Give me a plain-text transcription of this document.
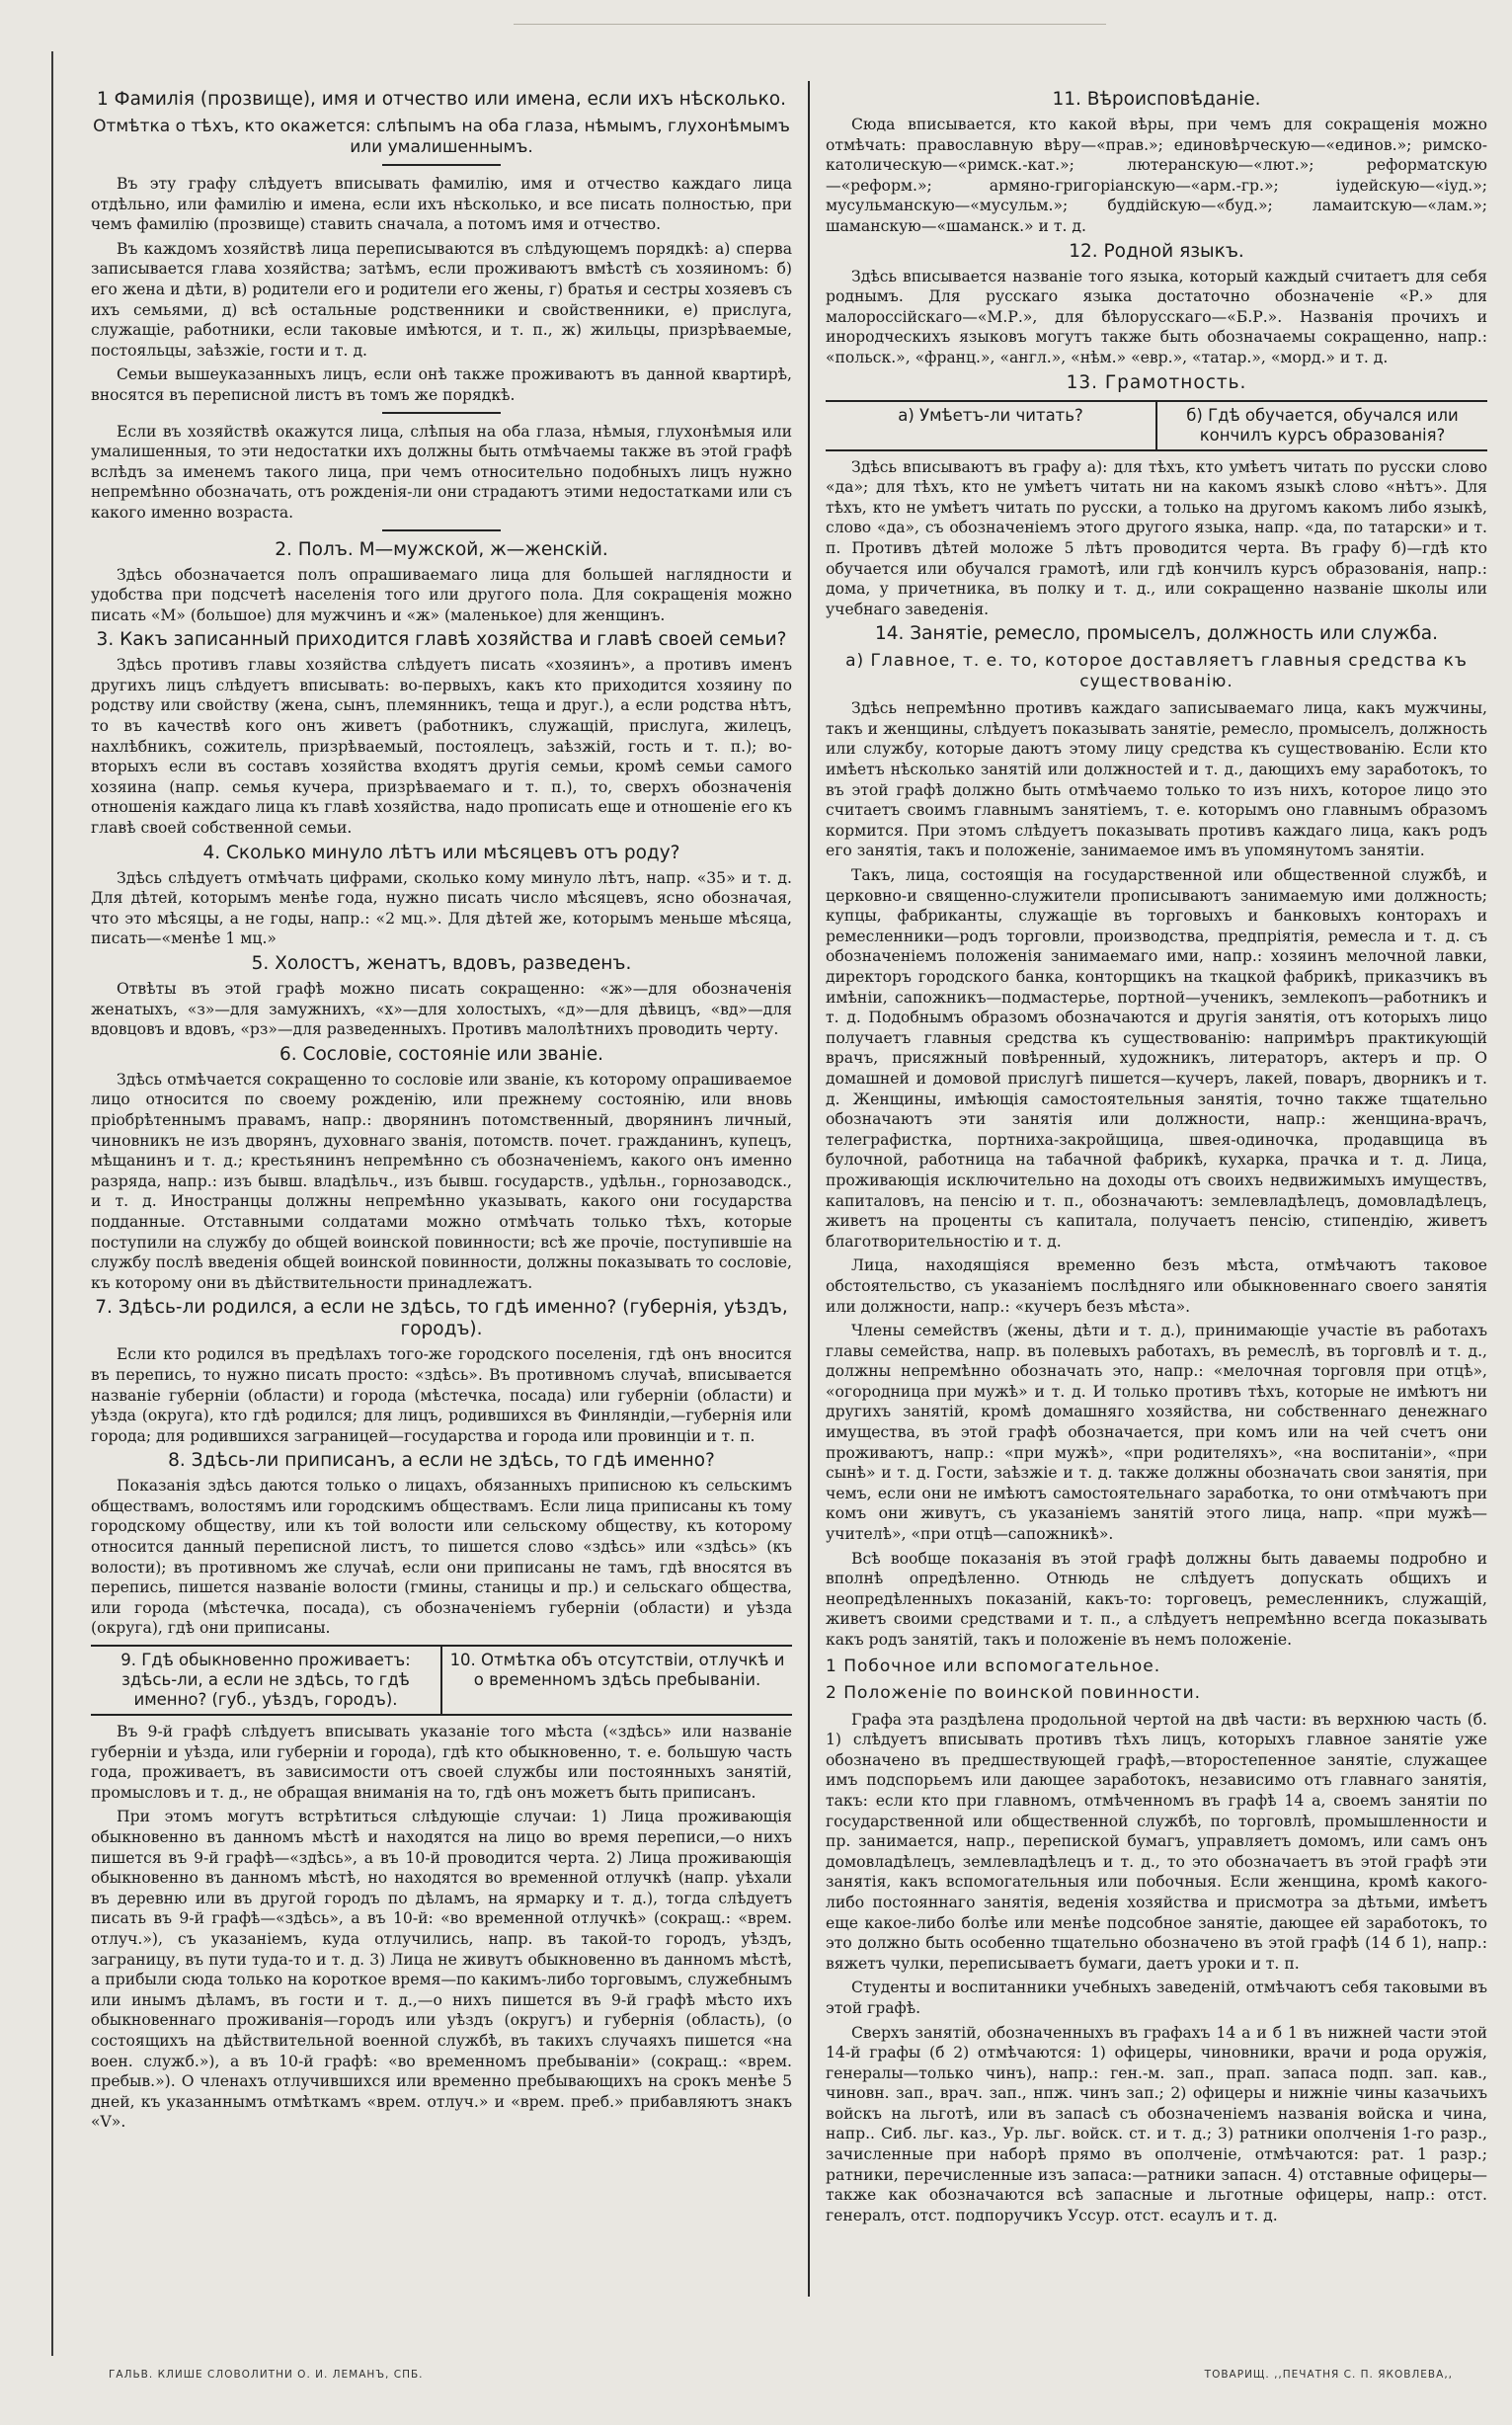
1 Фамилія (прозвище), имя и отчество или имена, если ихъ нѣсколько.
Отмѣтка о тѣхъ, кто окажется: слѣпымъ на оба глаза, нѣмымъ, глухонѣмымъ или умалишеннымъ.

Въ эту графу слѣдуетъ вписывать фамилію, имя и отчество каждаго лица отдѣльно, или фамилію и имена, если ихъ нѣсколько, и все писать полностью, при чемъ фамилію (прозвище) ставить сначала, а потомъ имя и отчество.

Въ каждомъ хозяйствѣ лица переписываются въ слѣдующемъ порядкѣ: а) сперва записывается глава хозяйства; затѣмъ, если проживаютъ вмѣстѣ съ хозяиномъ: б) его жена и дѣти, в) родители его и родители его жены, г) братья и сестры хозяевъ съ ихъ семьями, д) всѣ остальные родственники и свойственники, е) прислуга, служащіе, работники, если таковые имѣются, и т. п., ж) жильцы, призрѣваемые, постояльцы, заѣзжіе, гости и т. д.

Семьи вышеуказанныхъ лицъ, если онѣ также проживаютъ въ данной квартирѣ, вносятся въ переписной листъ въ томъ же порядкѣ.

Если въ хозяйствѣ окажутся лица, слѣпыя на оба глаза, нѣмыя, глухонѣмыя или умалишенныя, то эти недостатки ихъ должны быть отмѣчаемы также въ этой графѣ вслѣдъ за именемъ такого лица, при чемъ относительно подобныхъ лицъ нужно непремѣнно обозначать, отъ рожденія-ли они страдаютъ этими недостатками или съ какого именно возраста.

2. Полъ. М—мужской, ж—женскій.

Здѣсь обозначается полъ опрашиваемаго лица для большей наглядности и удобства при подсчетѣ населенія того или другого пола. Для сокращенія можно писать «М» (большое) для мужчинъ и «ж» (маленькое) для женщинъ.

3. Какъ записанный приходится главѣ хозяйства и главѣ своей семьи?

Здѣсь противъ главы хозяйства слѣдуетъ писать «хозяинъ», а противъ именъ другихъ лицъ слѣдуетъ вписывать: во-первыхъ, какъ кто приходится хозяину по родству или свойству (жена, сынъ, племянникъ, теща и друг.), а если родства нѣтъ, то въ качествѣ кого онъ живетъ (работникъ, служащій, прислуга, жилецъ, нахлѣбникъ, сожитель, призрѣваемый, постоялецъ, заѣзжій, гость и т. п.); во-вторыхъ если въ составъ хозяйства входятъ другія семьи, кромѣ семьи самого хозяина (напр. семья кучера, призрѣваемаго и т. п.), то, сверхъ обозначенія отношенія каждаго лица къ главѣ хозяйства, надо прописать еще и отношеніе его къ главѣ своей собственной семьи.

4. Сколько минуло лѣтъ или мѣсяцевъ отъ роду?

Здѣсь слѣдуетъ отмѣчать цифрами, сколько кому минуло лѣтъ, напр. «35» и т. д. Для дѣтей, которымъ менѣе года, нужно писать число мѣсяцевъ, ясно обозначая, что это мѣсяцы, а не годы, напр.: «2 мц.». Для дѣтей же, которымъ меньше мѣсяца, писать—«менѣе 1 мц.»

5. Холостъ, женатъ, вдовъ, разведенъ.

Отвѣты въ этой графѣ можно писать сокращенно: «ж»—для обозначенія женатыхъ, «з»—для замужнихъ, «х»—для холостыхъ, «д»—для дѣвицъ, «вд»—для вдовцовъ и вдовъ, «рз»—для разведенныхъ. Противъ малолѣтнихъ проводить черту.

6. Сословіе, состояніе или званіе.

Здѣсь отмѣчается сокращенно то сословіе или званіе, къ которому опрашиваемое лицо относится по своему рожденію, или прежнему состоянію, или вновь пріобрѣтеннымъ правамъ, напр.: дворянинъ потомственный, дворянинъ личный, чиновникъ не изъ дворянъ, духовнаго званія, потомств. почет. гражданинъ, купецъ, мѣщанинъ и т. д.; крестьянинъ непремѣнно съ обозначеніемъ, какого онъ именно разряда, напр.: изъ бывш. владѣльч., изъ бывш. государств., удѣльн., горнозаводск., и т. д. Иностранцы должны непремѣнно указывать, какого они государства подданные. Отставными солдатами можно отмѣчать только тѣхъ, которые поступили на службу до общей воинской повинности; всѣ же прочіе, поступившіе на службу послѣ введенія общей воинской повинности, должны показывать то сословіе, къ которому они въ дѣйствительности принадлежатъ.

7. Здѣсь-ли родился, а если не здѣсь, то гдѣ именно? (губернія, уѣздъ, городъ).

Если кто родился въ предѣлахъ того-же городского поселенія, гдѣ онъ вносится въ перепись, то нужно писать просто: «здѣсь». Въ противномъ случаѣ, вписывается названіе губерніи (области) и города (мѣстечка, посада) или губерніи (области) и уѣзда (округа), кто гдѣ родился; для лицъ, родившихся въ Финляндіи,—губернія или города; для родившихся заграницей—государства и города или провинціи и т. п.

8. Здѣсь-ли приписанъ, а если не здѣсь, то гдѣ именно?

Показанія здѣсь даются только о лицахъ, обязанныхъ приписною къ сельскимъ обществамъ, волостямъ или городскимъ обществамъ. Если лица приписаны къ тому городскому обществу, или къ той волости или сельскому обществу, къ которому относится данный переписной листъ, то пишется слово «здѣсь» или «здѣсь» (къ волости); въ противномъ же случаѣ, если они приписаны не тамъ, гдѣ вносятся въ перепись, пишется названіе волости (гмины, станицы и пр.) и сельскаго общества, или города (мѣстечка, посада), съ обозначеніемъ губерніи (области) и уѣзда (округа), гдѣ они приписаны.

9. Гдѣ обыкновенно проживаетъ: здѣсь-ли, а если не здѣсь, то гдѣ именно? (губ., уѣздъ, городъ).
10. Отмѣтка объ отсутствіи, отлучкѣ и о временномъ здѣсь пребываніи.

Въ 9-й графѣ слѣдуетъ вписывать указаніе того мѣста («здѣсь» или названіе губерніи и уѣзда, или губерніи и города), гдѣ кто обыкновенно, т. е. большую часть года, проживаетъ, въ зависимости отъ своей службы или постоянныхъ занятій, промысловъ и т. д., не обращая вниманія на то, гдѣ онъ можетъ быть приписанъ.

При этомъ могутъ встрѣтиться слѣдующіе случаи: 1) Лица проживающія обыкновенно въ данномъ мѣстѣ и находятся на лицо во время переписи,—о нихъ пишется въ 9-й графѣ—«здѣсь», а въ 10-й проводится черта. 2) Лица проживающія обыкновенно въ данномъ мѣстѣ, но находятся во временной отлучкѣ (напр. уѣхали въ деревню или въ другой городъ по дѣламъ, на ярмарку и т. д.), тогда слѣдуетъ писать въ 9-й графѣ—«здѣсь», а въ 10-й: «во временной отлучкѣ» (сокращ.: «врем. отлуч.»), съ указаніемъ, куда отлучились, напр. въ такой-то городъ, уѣздъ, заграницу, въ пути туда-то и т. д. 3) Лица не живутъ обыкновенно въ данномъ мѣстѣ, а прибыли сюда только на короткое время—по какимъ-либо торговымъ, служебнымъ или инымъ дѣламъ, въ гости и т. д.,—о нихъ пишется въ 9-й графѣ мѣсто ихъ обыкновеннаго проживанія—городъ или уѣздъ (округъ) и губернія (область), (о состоящихъ на дѣйствительной военной службѣ, въ такихъ случаяхъ пишется «на воен. служб.»), а въ 10-й графѣ: «во временномъ пребываніи» (сокращ.: «врем. пребыв.»). О членахъ отлучившихся или временно пребывающихъ на срокъ менѣе 5 дней, къ указаннымъ отмѣткамъ «врем. отлуч.» и «врем. преб.» прибавляютъ знакъ «V».

11. Вѣроисповѣданіе.

Сюда вписывается, кто какой вѣры, при чемъ для сокращенія можно отмѣчать: православную вѣру—«прав.»; единовѣрческую—«единов.»; римско-католическую—«римск.-кат.»; лютеранскую—«лют.»; реформатскую—«реформ.»; армяно-григоріанскую—«арм.-гр.»; іудейскую—«іуд.»; мусульманскую—«мусульм.»; буддійскую—«буд.»; ламаитскую—«лам.»; шаманскую—«шаманск.» и т. д.

12. Родной языкъ.

Здѣсь вписывается названіе того языка, который каждый считаетъ для себя роднымъ. Для русскаго языка достаточно обозначеніе «Р.» для малороссійскаго—«М.Р.», для бѣлорусскаго—«Б.Р.». Названія прочихъ и инородческихъ языковъ могутъ также быть обозначаемы сокращенно, напр.: «польск.», «франц.», «англ.», «нѣм.» «евр.», «татар.», «морд.» и т. д.

13. Грамотность.
а) Умѣетъ-ли читать?	б) Гдѣ обучается, обучался или кончилъ курсъ образованія?

Здѣсь вписываютъ въ графу а): для тѣхъ, кто умѣетъ читать по русски слово «да»; для тѣхъ, кто не умѣетъ читать ни на какомъ языкѣ слово «нѣтъ». Для тѣхъ, кто не умѣетъ читать по русски, а только на другомъ какомъ либо языкѣ, слово «да», съ обозначеніемъ этого другого языка, напр. «да, по татарски» и т. п. Противъ дѣтей моложе 5 лѣтъ проводится черта. Въ графу б)—гдѣ кто обучается или обучался грамотѣ, или гдѣ кончилъ курсъ образованія, напр.: дома, у причетника, въ полку и т. д., или сокращенно названіе школы или учебнаго заведенія.

14. Занятіе, ремесло, промыселъ, должность или служба.
а) Главное, т. е. то, которое доставляетъ главныя средства къ существованію.

Здѣсь непремѣнно противъ каждаго записываемаго лица, какъ мужчины, такъ и женщины, слѣдуетъ показывать занятіе, ремесло, промыселъ, должность или службу, которые даютъ этому лицу средства къ существованію. Если кто имѣетъ нѣсколько занятій или должностей и т. д., дающихъ ему заработокъ, то въ этой графѣ должно быть отмѣчаемо только то изъ нихъ, которое лицо это считаетъ своимъ главнымъ занятіемъ, т. е. которымъ оно главнымъ образомъ кормится. При этомъ слѣдуетъ показывать противъ каждаго лица, какъ родъ его занятія, такъ и положеніе, занимаемое имъ въ упомянутомъ занятіи.

Такъ, лица, состоящія на государственной или общественной службѣ, и церковно-и священно-служители прописываютъ занимаемую ими должность; купцы, фабриканты, служащіе въ торговыхъ и банковыхъ конторахъ и ремесленники—родъ торговли, производства, предпріятія, ремесла и т. д. съ обозначеніемъ положенія занимаемаго ими, напр.: хозяинъ мелочной лавки, директоръ городского банка, конторщикъ на ткацкой фабрикѣ, приказчикъ въ имѣніи, сапожникъ—подмастерье, портной—ученикъ, землекопъ—работникъ и т. д. Подобнымъ образомъ обозначаются и другія занятія, отъ которыхъ лицо получаетъ главныя средства къ существованію: напримѣръ практикующій врачъ, присяжный повѣренный, художникъ, литераторъ, актеръ и пр. О домашней и домовой прислугѣ пишется—кучеръ, лакей, поваръ, дворникъ и т. д. Женщины, имѣющія самостоятельныя занятія, точно также тщательно обозначаютъ эти занятія или должности, напр.: женщина-врачъ, телеграфистка, портниха-закройщица, швея-одиночка, продавщица въ булочной, работница на табачной фабрикѣ, кухарка, прачка и т. д. Лица, проживающія исключительно на доходы отъ своихъ недвижимыхъ имуществъ, капиталовъ, на пенсію и т. п., обозначаютъ: землевладѣлецъ, домовладѣлецъ, живетъ на проценты съ капитала, получаетъ пенсію, стипендію, живетъ благотворительностію и т. д.

Лица, находящіяся временно безъ мѣста, отмѣчаютъ таковое обстоятельство, съ указаніемъ послѣдняго или обыкновеннаго своего занятія или должности, напр.: «кучеръ безъ мѣста».

Члены семействъ (жены, дѣти и т. д.), принимающіе участіе въ работахъ главы семейства, напр. въ полевыхъ работахъ, въ ремеслѣ, въ торговлѣ и т. д., должны непремѣнно обозначать это, напр.: «мелочная торговля при отцѣ», «огородница при мужѣ» и т. д. И только противъ тѣхъ, которые не имѣютъ ни другихъ занятій, кромѣ домашняго хозяйства, ни собственнаго денежнаго имущества, въ этой графѣ обозначается, при комъ или на чей счетъ они проживаютъ, напр.: «при мужѣ», «при родителяхъ», «на воспитаніи», «при сынѣ» и т. д. Гости, заѣзжіе и т. д. также должны обозначать свои занятія, при чемъ, если они не имѣютъ самостоятельнаго заработка, то они отмѣчаютъ при комъ они живутъ, съ указаніемъ занятій этого лица, напр. «при мужѣ—учителѣ», «при отцѣ—сапожникѣ».

Всѣ вообще показанія въ этой графѣ должны быть даваемы подробно и вполнѣ опредѣленно. Отнюдь не слѣдуетъ допускать общихъ и неопредѣленныхъ показаній, какъ-то: торговецъ, ремесленникъ, служащій, живетъ своими средствами и т. п., а слѣдуетъ непремѣнно всегда показывать какъ родъ занятій, такъ и положеніе въ немъ положеніе.

1 Побочное или вспомогательное.
2 Положеніе по воинской повинности.

Графа эта раздѣлена продольной чертой на двѣ части: въ верхнюю часть (б. 1) слѣдуетъ вписывать противъ тѣхъ лицъ, которыхъ главное занятіе уже обозначено въ предшествующей графѣ,—второстепенное занятіе, служащее имъ подспорьемъ или дающее заработокъ, независимо отъ главнаго занятія, такъ: если кто при главномъ, отмѣченномъ въ графѣ 14 а, своемъ занятіи по государственной или общественной службѣ, по торговлѣ, промышленности и пр. занимается, напр., перепиской бумагъ, управляетъ домомъ, или самъ онъ домовладѣлецъ, землевладѣлецъ и т. д., то это обозначаетъ въ этой графѣ эти занятія, какъ вспомогательныя или побочныя. Если женщина, кромѣ какого-либо постояннаго занятія, веденія хозяйства и присмотра за дѣтьми, имѣетъ еще какое-либо болѣе или менѣе подсобное занятіе, дающее ей заработокъ, то это должно быть особенно тщательно обозначено въ этой графѣ (14 б 1), напр.: вяжетъ чулки, переписываетъ бумаги, даетъ уроки и т. п.

Студенты и воспитанники учебныхъ заведеній, отмѣчаютъ себя таковыми въ этой графѣ.

Сверхъ занятій, обозначенныхъ въ графахъ 14 а и б 1 въ нижней части этой 14-й графы (б 2) отмѣчаются: 1) офицеры, чиновники, врачи и рода оружія, генералы—только чинъ), напр.: ген.-м. зап., прап. запаса подп. зап. кав., чиновн. зап., врач. зап., нпж. чинъ зап.; 2) офицеры и нижніе чины казачьихъ войскъ на льготѣ, или въ запасѣ съ обозначеніемъ названія войска и чина, напр.. Сиб. льг. каз., Ур. льг. войск. ст. и т. д.; 3) ратники ополченія 1-го разр., зачисленные при наборѣ прямо въ ополченіе, отмѣчаются: рат. 1 разр.; ратники, перечисленные изъ запаса:—ратники запасн. 4) отставные офицеры—также как обозначаются всѣ запасные и льготные офицеры, напр.: отст. генералъ, отст. подпоручикъ Уссур. отст. есаулъ и т. д.

ГАЛЬВ. КЛИШЕ СЛОВОЛИТНИ О. И. ЛЕМАНЪ, СПБ.	ТОВАРИЩ. ,,ПЕЧАТНЯ С. П. ЯКОВЛЕВА,,
